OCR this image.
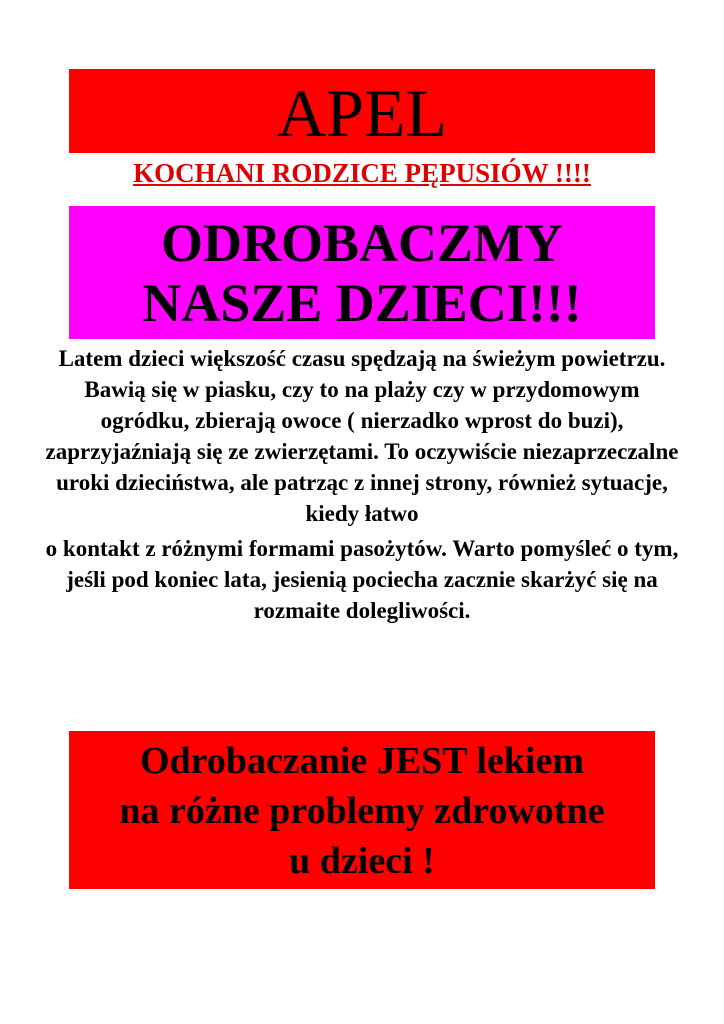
APEL
KOCHANI RODZICE PĘPUSIÓW !!!!
ODROBACZMY
NASZE DZIECI!!!

Latem dzieci większość czasu spędzają na świeżym powietrzu. Bawią się w piasku, czy to na plaży czy w przydomowym ogródku, zbierają owoce ( nierzadko wprost do buzi), zaprzyjaźniają się ze zwierzętami. To oczywiście niezaprzeczalne uroki dzieciństwa, ale patrząc z innej strony, również sytuacje, kiedy łatwo

o kontakt z różnymi formami pasożytów. Warto pomyśleć o tym, jeśli pod koniec lata, jesienią pociecha zacznie skarżyć się na rozmaite dolegliwości.

Odrobaczanie JEST lekiem
na różne problemy zdrowotne
u dzieci !
